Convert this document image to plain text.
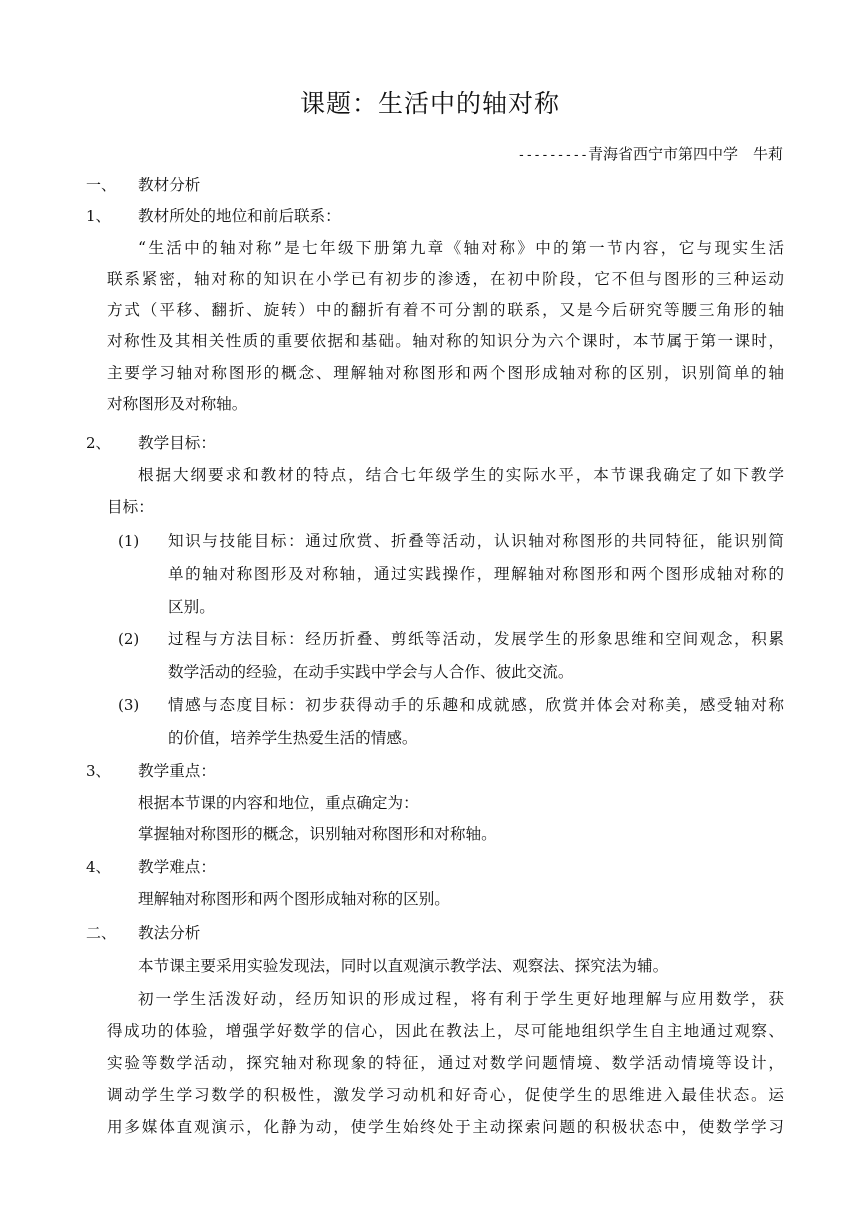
课题：生活中的轴对称
---------青海省西宁市第四中学　牛莉
一、 教材分析
1、 教材所处的地位和前后联系：
“生活中的轴对称”是七年级下册第九章《轴对称》中的第一节内容，它与现实生活
联系紧密，轴对称的知识在小学已有初步的渗透，在初中阶段，它不但与图形的三种运动
方式（平移、翻折、旋转）中的翻折有着不可分割的联系，又是今后研究等腰三角形的轴
对称性及其相关性质的重要依据和基础。轴对称的知识分为六个课时，本节属于第一课时，
主要学习轴对称图形的概念、理解轴对称图形和两个图形成轴对称的区别，识别简单的轴
对称图形及对称轴。
2、 教学目标：
根据大纲要求和教材的特点，结合七年级学生的实际水平，本节课我确定了如下教学
目标：
(1) 知识与技能目标：通过欣赏、折叠等活动，认识轴对称图形的共同特征，能识别简
单的轴对称图形及对称轴，通过实践操作，理解轴对称图形和两个图形成轴对称的
区别。
(2) 过程与方法目标：经历折叠、剪纸等活动，发展学生的形象思维和空间观念，积累
数学活动的经验，在动手实践中学会与人合作、彼此交流。
(3) 情感与态度目标：初步获得动手的乐趣和成就感，欣赏并体会对称美，感受轴对称
的价值，培养学生热爱生活的情感。
3、 教学重点：
根据本节课的内容和地位，重点确定为：
掌握轴对称图形的概念，识别轴对称图形和对称轴。
4、 教学难点：
理解轴对称图形和两个图形成轴对称的区别。
二、 教法分析
本节课主要采用实验发现法，同时以直观演示教学法、观察法、探究法为辅。
初一学生活泼好动，经历知识的形成过程，将有利于学生更好地理解与应用数学，获
得成功的体验，增强学好数学的信心，因此在教法上，尽可能地组织学生自主地通过观察、
实验等数学活动，探究轴对称现象的特征，通过对数学问题情境、数学活动情境等设计，
调动学生学习数学的积极性，激发学习动机和好奇心，促使学生的思维进入最佳状态。运
用多媒体直观演示，化静为动，使学生始终处于主动探索问题的积极状态中，使数学学习
